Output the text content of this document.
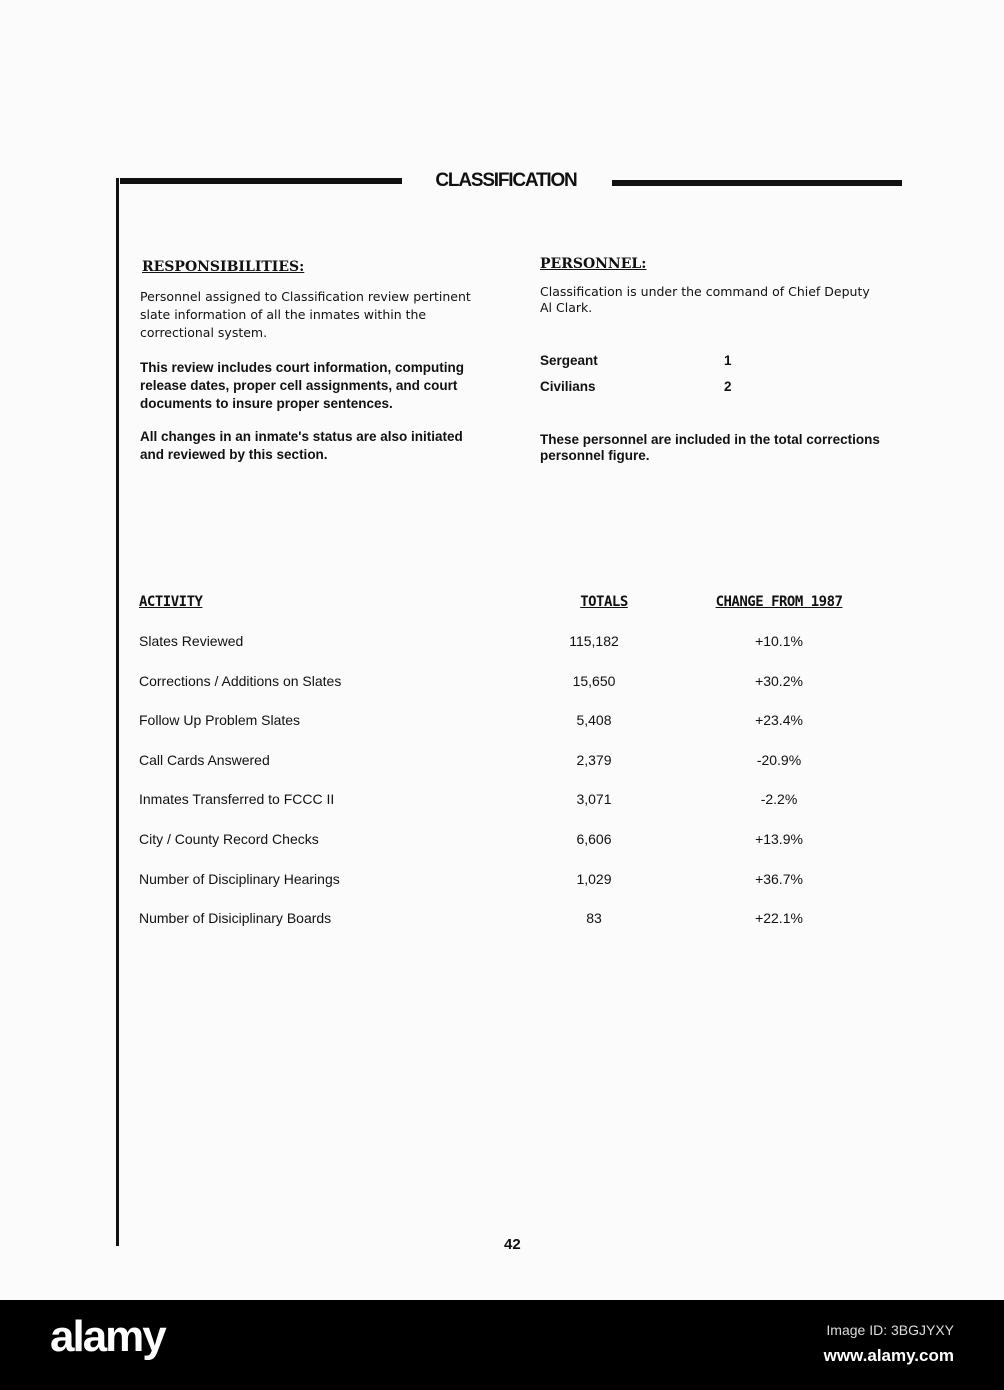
CLASSIFICATION
RESPONSIBILITIES:
Personnel assigned to Classification review pertinent slate information of all the inmates within the correctional system.
This review includes court information, computing release dates, proper cell assignments, and court documents to insure proper sentences.
All changes in an inmate's status are also initiated and reviewed by this section.
PERSONNEL:
Classification is under the command of Chief Deputy Al Clark.
Sergeant	1
Civilians	2
These personnel are included in the total corrections personnel figure.
ACTIVITY	TOTALS	CHANGE FROM 1987
Slates Reviewed	115,182	+10.1%
Corrections / Additions on Slates	15,650	+30.2%
Follow Up Problem Slates	5,408	+23.4%
Call Cards Answered	2,379	-20.9%
Inmates Transferred to FCCC II	3,071	-2.2%
City / County Record Checks	6,606	+13.9%
Number of Disciplinary Hearings	1,029	+36.7%
Number of Disiciplinary Boards	83	+22.1%
42
alamy	Image ID: 3BGJYXY
www.alamy.com
